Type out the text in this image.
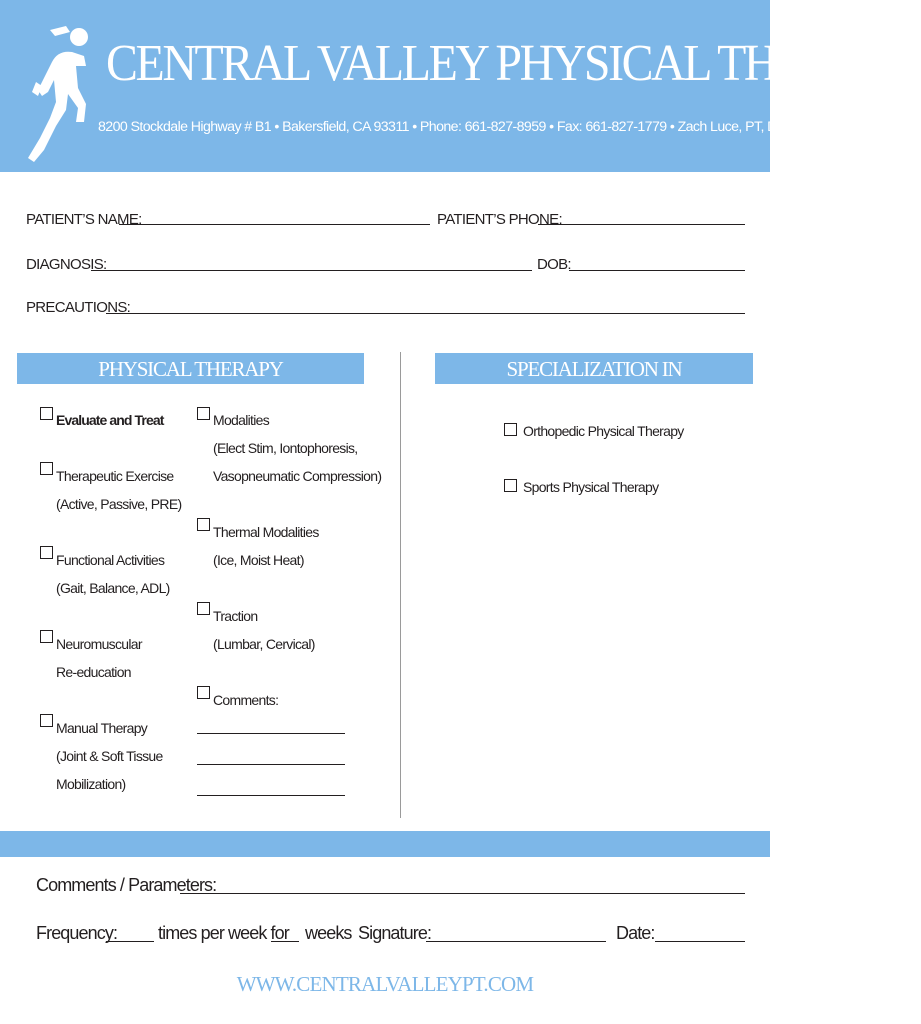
CENTRAL VALLEY PHYSICAL THERAPY
8200 Stockdale Highway # B1 • Bakersfield, CA 93311 • Phone: 661-827-8959 • Fax: 661-827-1779 • Zach Luce, PT, DPT, OCS, SCS, Director
PATIENT’S NAME:	PATIENT’S PHONE:
DIAGNOSIS:	DOB:
PRECAUTIONS:
PHYSICAL THERAPY	SPECIALIZATION IN
Evaluate and Treat
Therapeutic Exercise
(Active, Passive, PRE)
Functional Activities
(Gait, Balance, ADL)
Neuromuscular
Re-education
Manual Therapy
(Joint & Soft Tissue
Mobilization)
Modalities
(Elect Stim, Iontophoresis,
Vasopneumatic Compression)
Thermal Modalities
(Ice, Moist Heat)
Traction
(Lumbar, Cervical)
Comments:
Orthopedic Physical Therapy
Sports Physical Therapy
Comments / Parameters:
Frequency: times per week for weeks Signature:	Date:
WWW.CENTRALVALLEYPT.COM
